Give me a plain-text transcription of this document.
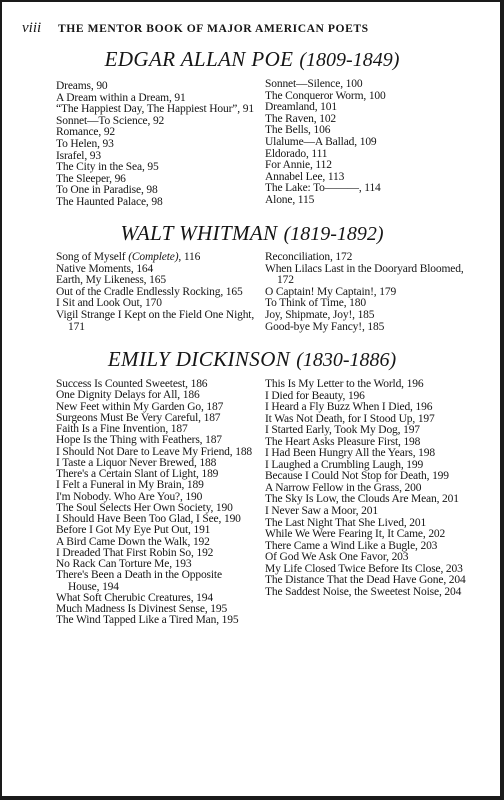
viii THE MENTOR BOOK OF MAJOR AMERICAN POETS
EDGAR ALLAN POE (1809-1849)
Dreams, 90
A Dream within a Dream, 91
“The Happiest Day, The Happiest Hour”, 91
Sonnet—To Science, 92
Romance, 92
To Helen, 93
Israfel, 93
The City in the Sea, 95
The Sleeper, 96
To One in Paradise, 98
The Haunted Palace, 98
Sonnet—Silence, 100
The Conqueror Worm, 100
Dreamland, 101
The Raven, 102
The Bells, 106
Ulalume—A Ballad, 109
Eldorado, 111
For Annie, 112
Annabel Lee, 113
The Lake: To———, 114
Alone, 115
WALT WHITMAN (1819-1892)
Song of Myself (Complete), 116
Native Moments, 164
Earth, My Likeness, 165
Out of the Cradle Endlessly Rocking, 165
I Sit and Look Out, 170
Vigil Strange I Kept on the Field One Night, 171
Reconciliation, 172
When Lilacs Last in the Dooryard Bloomed, 172
O Captain! My Captain!, 179
To Think of Time, 180
Joy, Shipmate, Joy!, 185
Good-bye My Fancy!, 185
EMILY DICKINSON (1830-1886)
Success Is Counted Sweetest, 186
One Dignity Delays for All, 186
New Feet within My Garden Go, 187
Surgeons Must Be Very Careful, 187
Faith Is a Fine Invention, 187
Hope Is the Thing with Feathers, 187
I Should Not Dare to Leave My Friend, 188
I Taste a Liquor Never Brewed, 188
There's a Certain Slant of Light, 189
I Felt a Funeral in My Brain, 189
I'm Nobody. Who Are You?, 190
The Soul Selects Her Own Society, 190
I Should Have Been Too Glad, I See, 190
Before I Got My Eye Put Out, 191
A Bird Came Down the Walk, 192
I Dreaded That First Robin So, 192
No Rack Can Torture Me, 193
There's Been a Death in the Opposite House, 194
What Soft Cherubic Creatures, 194
Much Madness Is Divinest Sense, 195
The Wind Tapped Like a Tired Man, 195
This Is My Letter to the World, 196
I Died for Beauty, 196
I Heard a Fly Buzz When I Died, 196
It Was Not Death, for I Stood Up, 197
I Started Early, Took My Dog, 197
The Heart Asks Pleasure First, 198
I Had Been Hungry All the Years, 198
I Laughed a Crumbling Laugh, 199
Because I Could Not Stop for Death, 199
A Narrow Fellow in the Grass, 200
The Sky Is Low, the Clouds Are Mean, 201
I Never Saw a Moor, 201
The Last Night That She Lived, 201
While We Were Fearing It, It Came, 202
There Came a Wind Like a Bugle, 203
Of God We Ask One Favor, 203
My Life Closed Twice Before Its Close, 203
The Distance That the Dead Have Gone, 204
The Saddest Noise, the Sweetest Noise, 204
